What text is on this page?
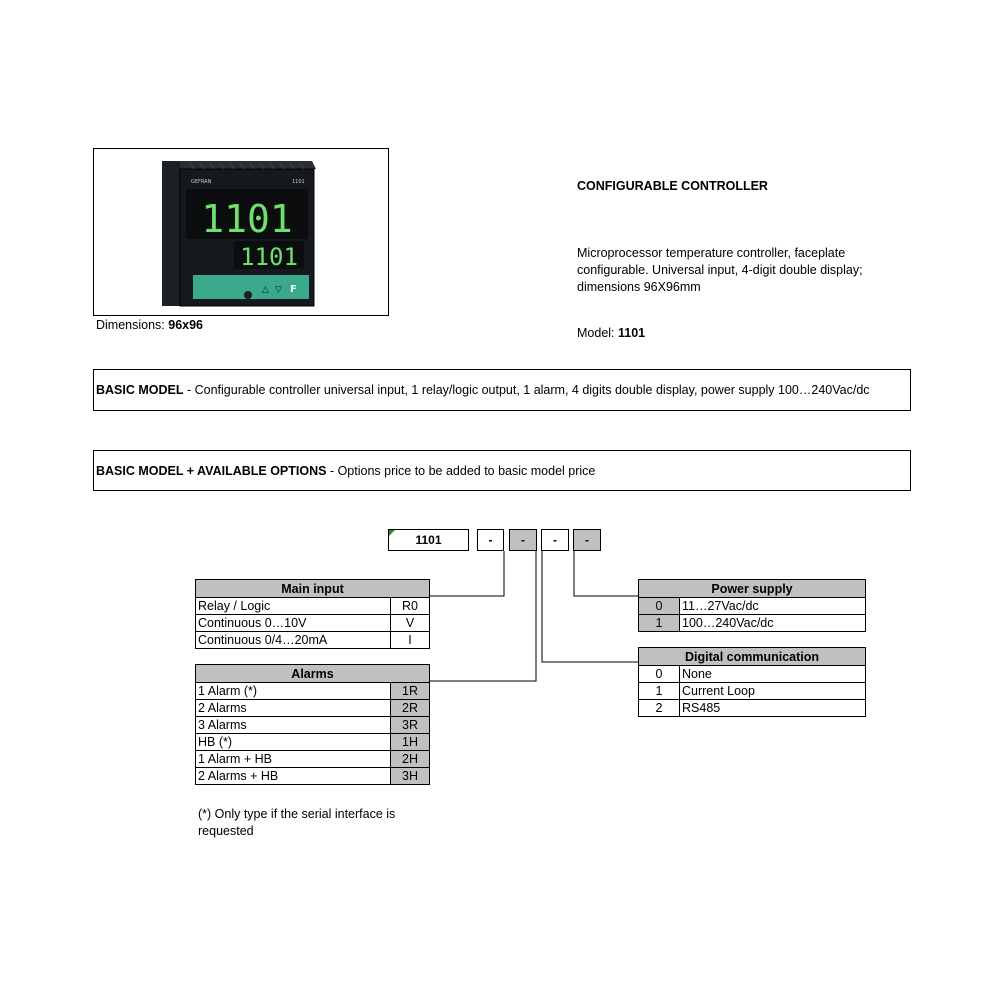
1101
1101
GEFRAN	1101
△ ▽ F
Dimensions: 96x96
CONFIGURABLE CONTROLLER
Microprocessor temperature controller, faceplate configurable. Universal input, 4-digit double display; dimensions 96X96mm
Model: 1101
BASIC MODEL - Configurable controller universal input, 1 relay/logic output, 1 alarm, 4 digits double display, power supply 100…240Vac/dc
BASIC MODEL + AVAILABLE OPTIONS - Options price to be added to basic model price
1101	- - - -
Main input	
Relay / Logic	R0
Continuous 0…10V	V
Continuous 0/4…20mA	I
Alarms	
1 Alarm (*)	1R
2 Alarms	2R
3 Alarms	3R
HB (*)	1H
1 Alarm + HB	2H
2 Alarms + HB	3H
Power supply	
0	11…27Vac/dc
1	100…240Vac/dc
Digital communication	
0	None
1	Current Loop
2	RS485
(*) Only type if the serial interface is requested
